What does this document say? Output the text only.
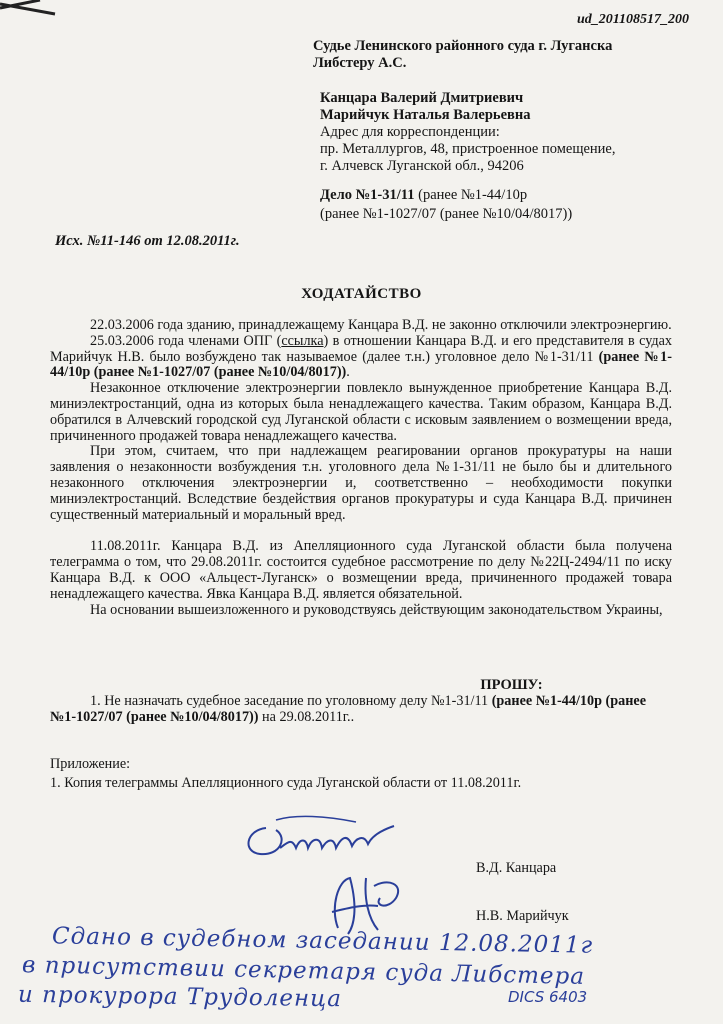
ud_201108517_200
Судье Ленинского районного суда г. Луганска
Либстеру А.С.
Канцара Валерий Дмитриевич
Марийчук Наталья Валерьевна
Адрес для корреспонденции:
пр. Металлургов, 48, пристроенное помещение,
г. Алчевск Луганской обл., 94206
Дело №1-31/11 (ранее №1-44/10р
(ранее №1-1027/07 (ранее №10/04/8017))
Исх. №11-146 от 12.08.2011г.
ХОДАТАЙСТВО

22.03.2006 года зданию, принадлежащему Канцара В.Д. не законно отключили электроэнергию.

25.03.2006 года членами ОПГ (ссылка) в отношении Канцара В.Д. и его представителя в судах Марийчук Н.В. было возбуждено так называемое (далее т.н.) уголовное дело №1-31/11 (ранее №1-44/10р (ранее №1-1027/07 (ранее №10/04/8017)).

Незаконное отключение электроэнергии повлекло вынужденное приобретение Канцара В.Д. миниэлектростанций, одна из которых была ненадлежащего качества. Таким образом, Канцара В.Д. обратился в Алчевский городской суд Луганской области с исковым заявлением о возмещении вреда, причиненного продажей товара ненадлежащего качества.

При этом, считаем, что при надлежащем реагировании органов прокуратуры на наши заявления о незаконности возбуждения т.н. уголовного дела №1-31/11 не было бы и длительного незаконного отключения электроэнергии и, соответственно – необходимости покупки миниэлектростанций. Вследствие бездействия органов прокуратуры и суда Канцара В.Д. причинен существенный материальный и моральный вред.

11.08.2011г. Канцара В.Д. из Апелляционного суда Луганской области была получена телеграмма о том, что 29.08.2011г. состоится судебное рассмотрение по делу №22Ц-2494/11 по иску Канцара В.Д. к ООО «Альцест-Луганск» о возмещении вреда, причиненного продажей товара ненадлежащего качества. Явка Канцара В.Д. является обязательной.

На основании вышеизложенного и руководствуясь действующим законодательством Украины,

ПРОШУ:
1. Не назначать судебное заседание по уголовному делу №1-31/11 (ранее №1-44/10р (ранее №1-1027/07 (ранее №10/04/8017)) на 29.08.2011г..
Приложение:
1. Копия телеграммы Апелляционного суда Луганской области от 11.08.2011г.
В.Д. Канцара
Н.В. Марийчук
Сдано в судебном заседании 12.08.2011г
в присутствии секретаря суда Либстера
и прокурора Трудоленца	DICS 6403
